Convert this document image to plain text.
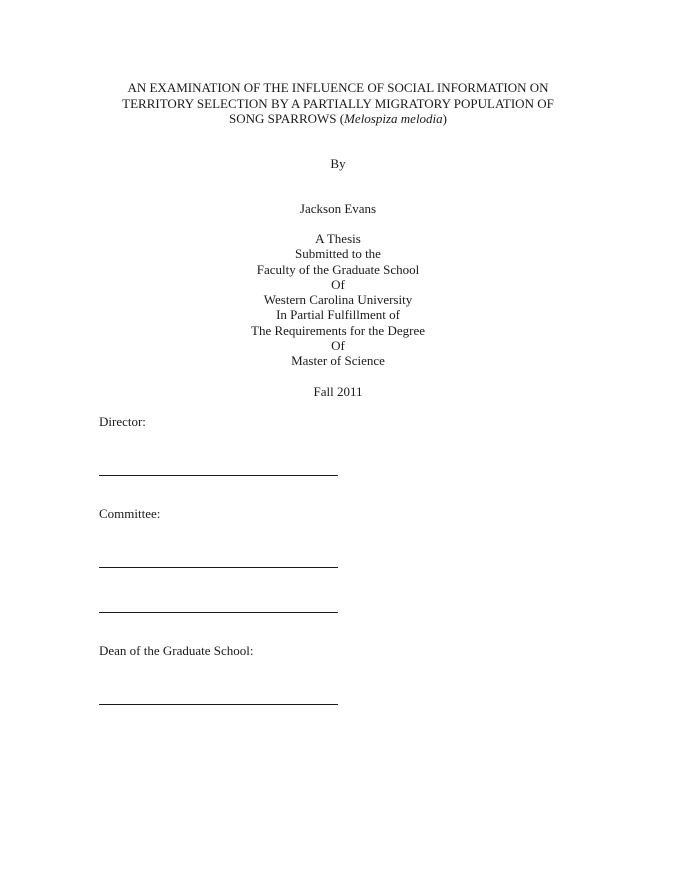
AN EXAMINATION OF THE INFLUENCE OF SOCIAL INFORMATION ON
TERRITORY SELECTION BY A PARTIALLY MIGRATORY POPULATION OF
SONG SPARROWS (Melospiza melodia)
By
Jackson Evans
A Thesis
Submitted to the
Faculty of the Graduate School
Of
Western Carolina University
In Partial Fulfillment of
The Requirements for the Degree
Of
Master of Science
Fall 2011
Director:
Committee:
Dean of the Graduate School:
